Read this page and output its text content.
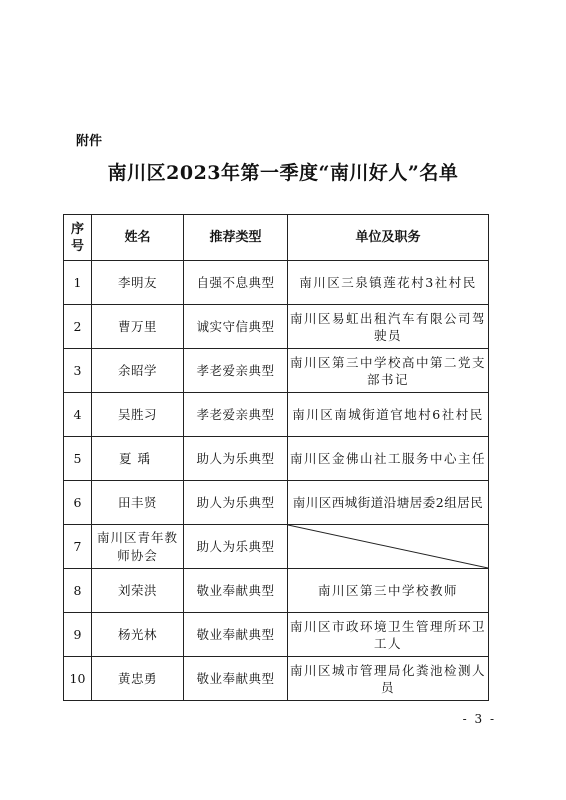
附件
南川区2023年第一季度“南川好人”名单
序号	姓名	推荐类型	单位及职务
1	李明友	自强不息典型	南川区三泉镇莲花村3社村民
2	曹万里	诚实守信典型	南川区易虹出租汽车有限公司驾驶员
3	余昭学	孝老爱亲典型	南川区第三中学校高中第二党支部书记
4	吴胜习	孝老爱亲典型	南川区南城街道官地村6社村民
5	夏瑀	助人为乐典型	南川区金佛山社工服务中心主任
6	田丰贤	助人为乐典型	南川区西城街道沿塘居委2组居民
7	南川区青年教师协会	助人为乐典型	

8	刘荣洪	敬业奉献典型	南川区第三中学校教师
9	杨光林	敬业奉献典型	南川区市政环境卫生管理所环卫工人
10	黄忠勇	敬业奉献典型	南川区城市管理局化粪池检测人员
- 3 -
